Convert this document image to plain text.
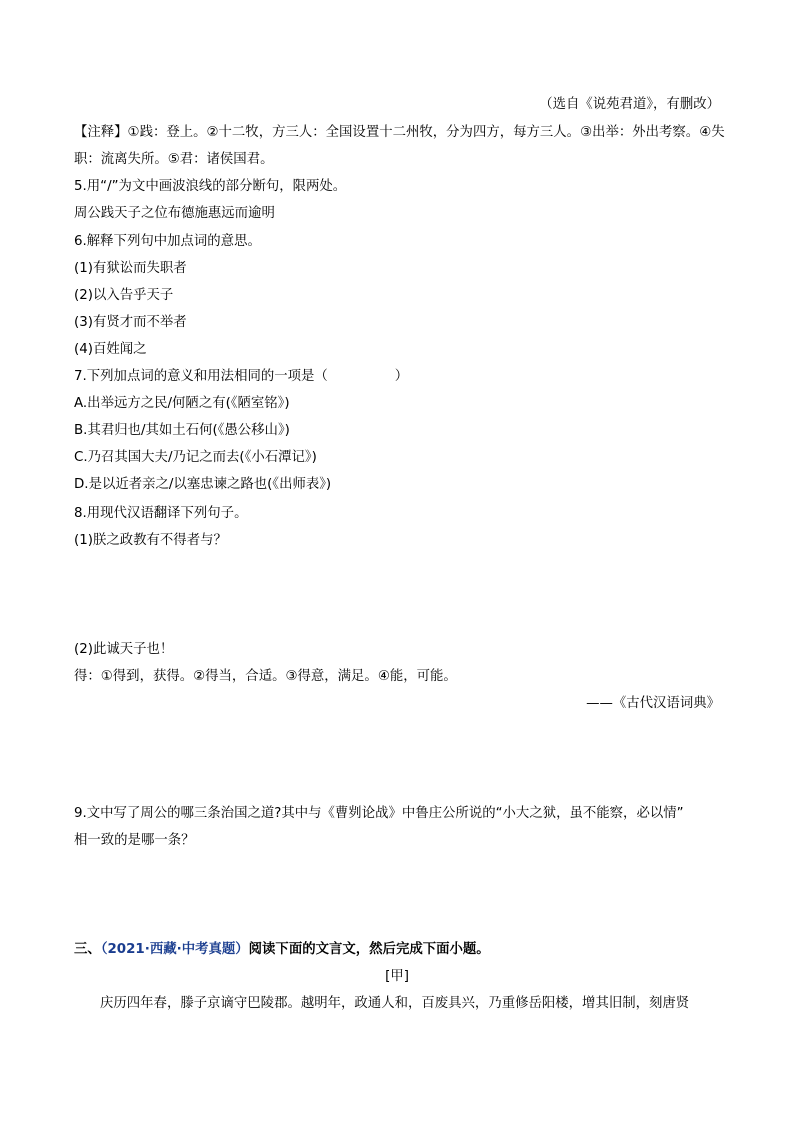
（选自《说苑君道》，有删改）
【注释】①践：登上。②十二牧，方三人：全国设置十二州牧，分为四方，每方三人。③出举：外出考察。④失
职：流离失所。⑤君：诸侯国君。
5.用“/”为文中画波浪线的部分断句，限两处。
周公践天子之位布德施惠远而逾明
6.解释下列句中加点词的意思。
(1)有狱讼而失职者
(2)以入告乎天子
(3)有贤才而不举者
(4)百姓闻之
7.下列加点词的意义和用法相同的一项是（　　　　　）
A.出举远方之民/何陋之有(《陋室铭》)
B.其君归也/其如土石何(《愚公移山》)
C.乃召其国大夫/乃记之而去(《小石潭记》)
D.是以近者亲之/以塞忠谏之路也(《出师表》)
8.用现代汉语翻译下列句子。
(1)朕之政教有不得者与？
(2)此诚天子也！
得：①得到，获得。②得当，合适。③得意，满足。④能，可能。
——《古代汉语词典》
9.文中写了周公的哪三条治国之道?其中与《曹刿论战》中鲁庄公所说的“小大之狱，虽不能察，必以情”
相一致的是哪一条？
三、（2021·西藏·中考真题）阅读下面的文言文，然后完成下面小题。
[甲]
庆历四年春，滕子京谪守巴陵郡。越明年，政通人和，百废具兴，乃重修岳阳楼，增其旧制，刻唐贤
